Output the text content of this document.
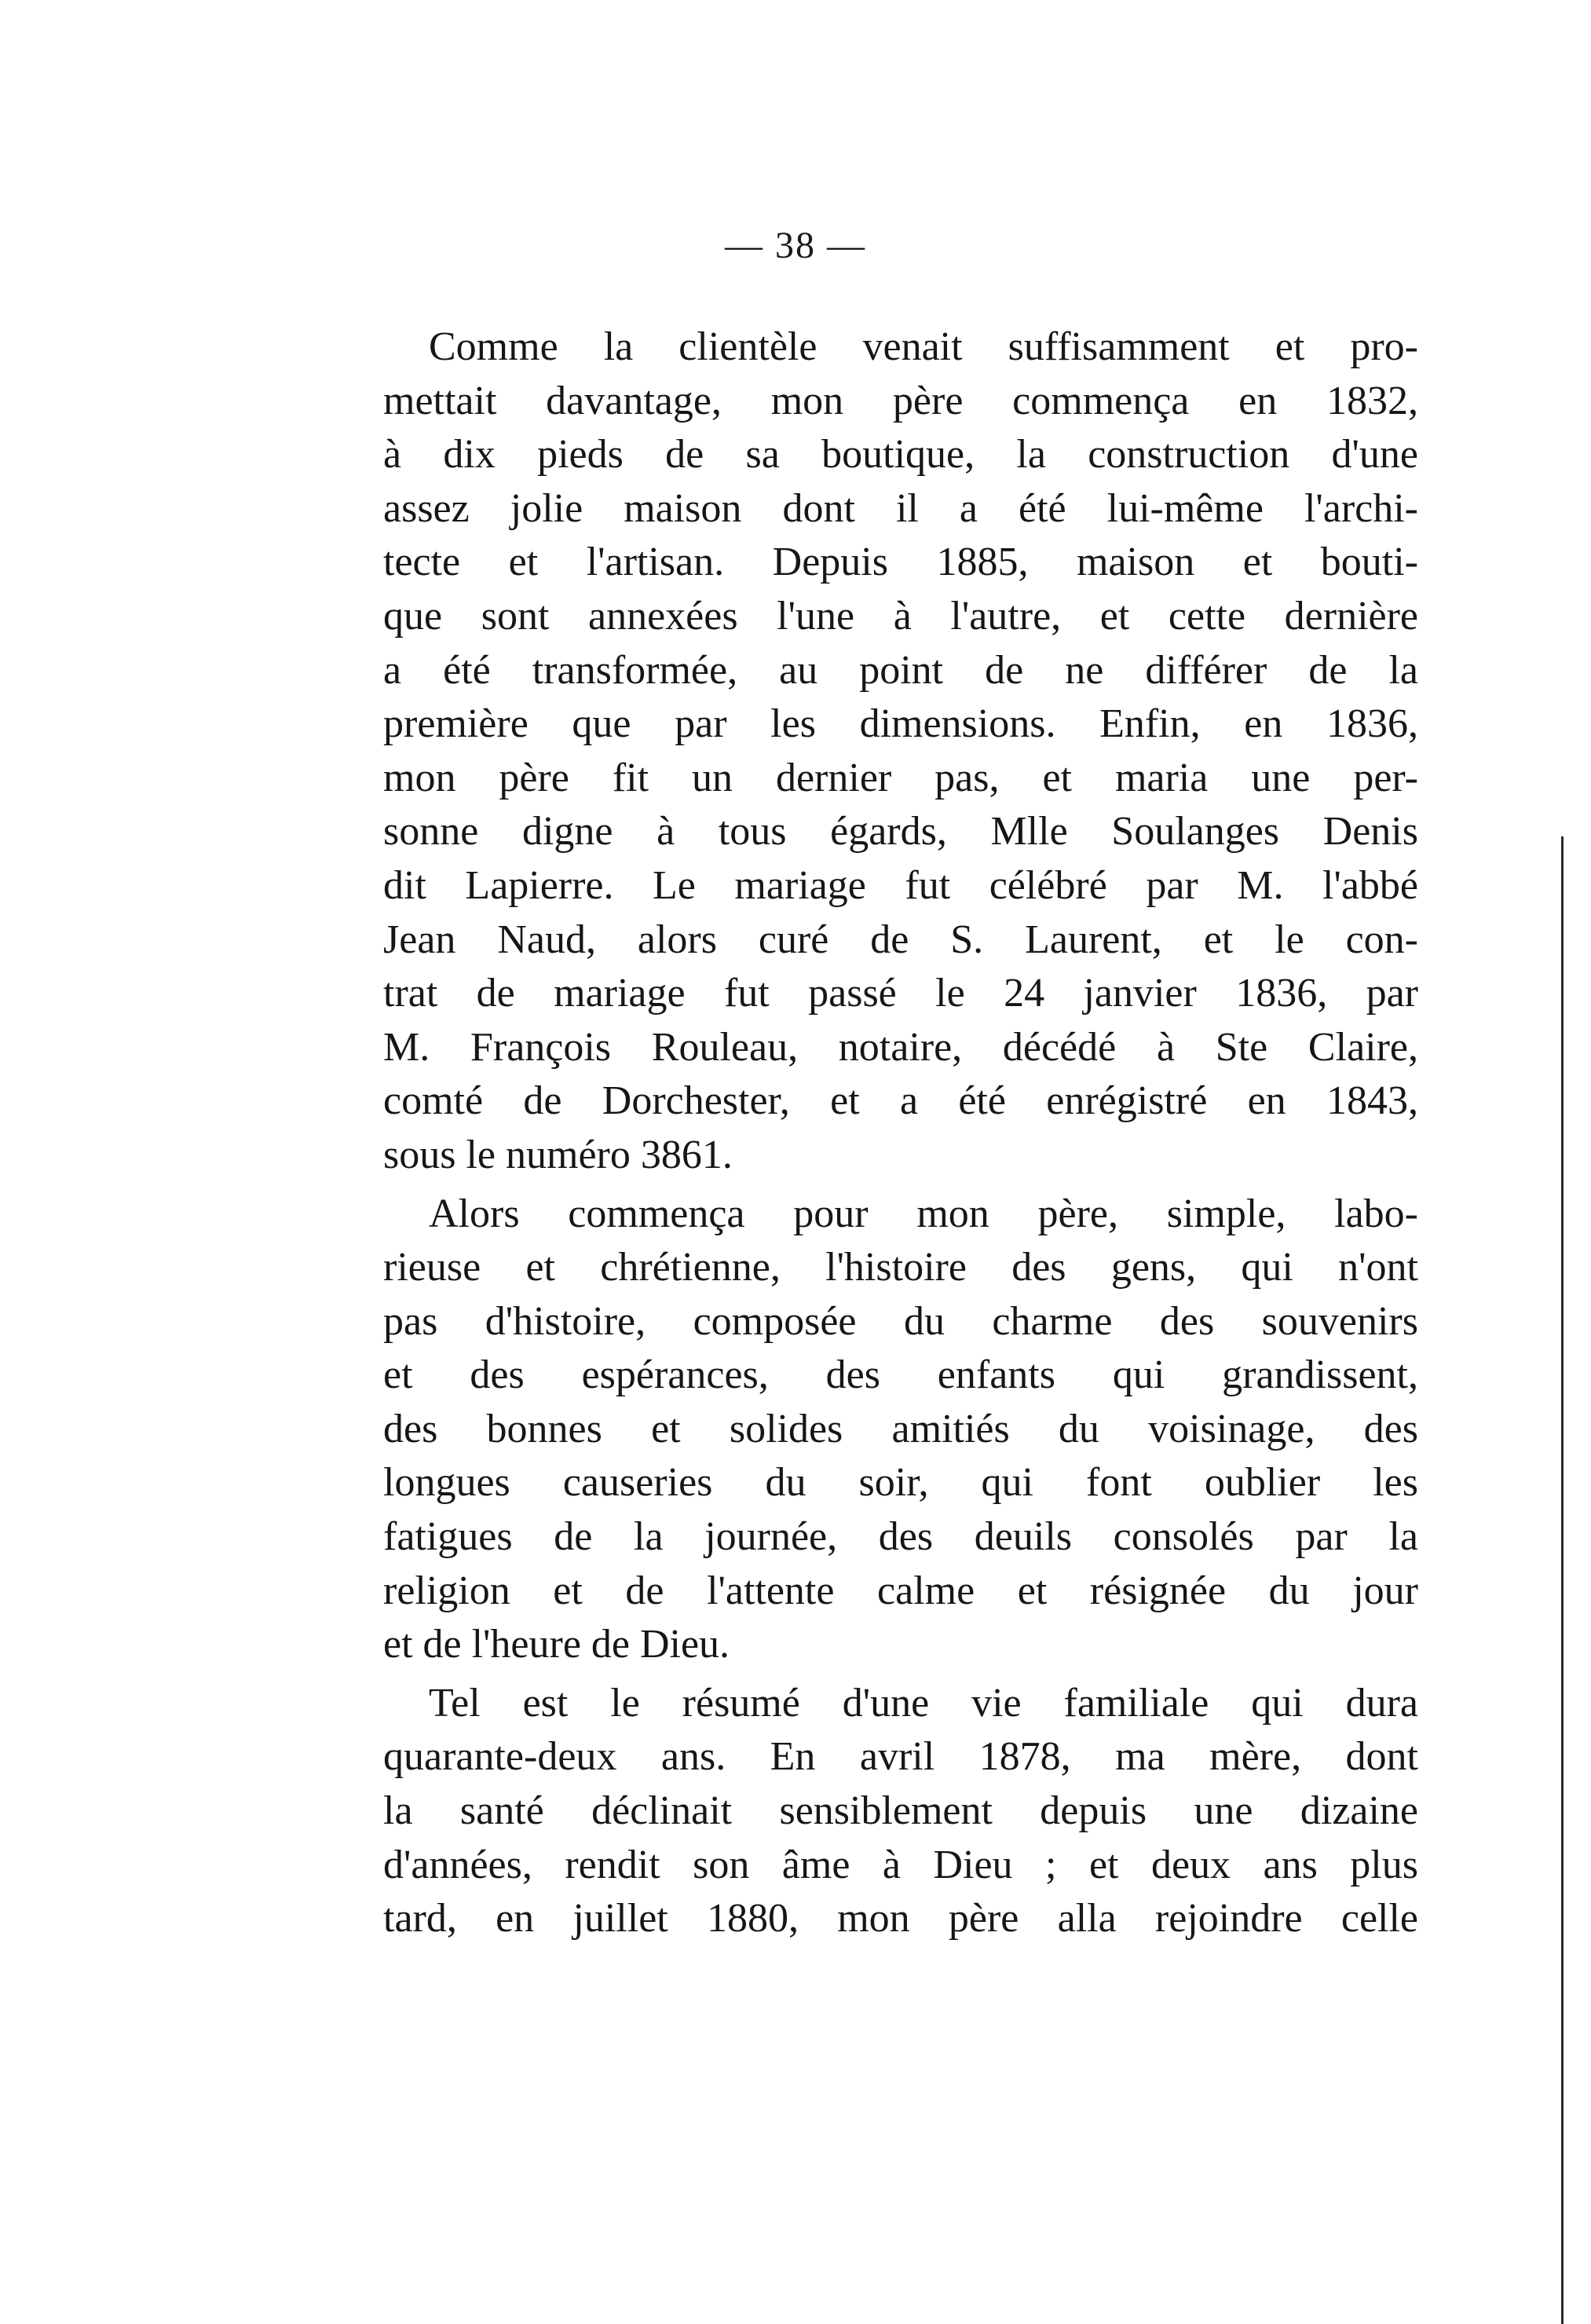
— 38 —
Comme la clientèle venait suffisamment et pro-
mettait davantage, mon père commença en 1832,
à dix pieds de sa boutique, la construction d'une
assez jolie maison dont il a été lui-même l'archi-
tecte et l'artisan. Depuis 1885, maison et bouti-
que sont annexées l'une à l'autre, et cette dernière
a été transformée, au point de ne différer de la
première que par les dimensions. Enfin, en 1836,
mon père fit un dernier pas, et maria une per-
sonne digne à tous égards, Mlle Soulanges Denis
dit Lapierre. Le mariage fut célébré par M. l'abbé
Jean Naud, alors curé de S. Laurent, et le con-
trat de mariage fut passé le 24 janvier 1836, par
M. François Rouleau, notaire, décédé à Ste Claire,
comté de Dorchester, et a été enrégistré en 1843,
sous le numéro 3861.
Alors commença pour mon père, simple, labo-
rieuse et chrétienne, l'histoire des gens, qui n'ont
pas d'histoire, composée du charme des souvenirs
et des espérances, des enfants qui grandissent,
des bonnes et solides amitiés du voisinage, des
longues causeries du soir, qui font oublier les
fatigues de la journée, des deuils consolés par la
religion et de l'attente calme et résignée du jour
et de l'heure de Dieu.
Tel est le résumé d'une vie familiale qui dura
quarante-deux ans. En avril 1878, ma mère, dont
la santé déclinait sensiblement depuis une dizaine
d'années, rendit son âme à Dieu ; et deux ans plus
tard, en juillet 1880, mon père alla rejoindre celle
